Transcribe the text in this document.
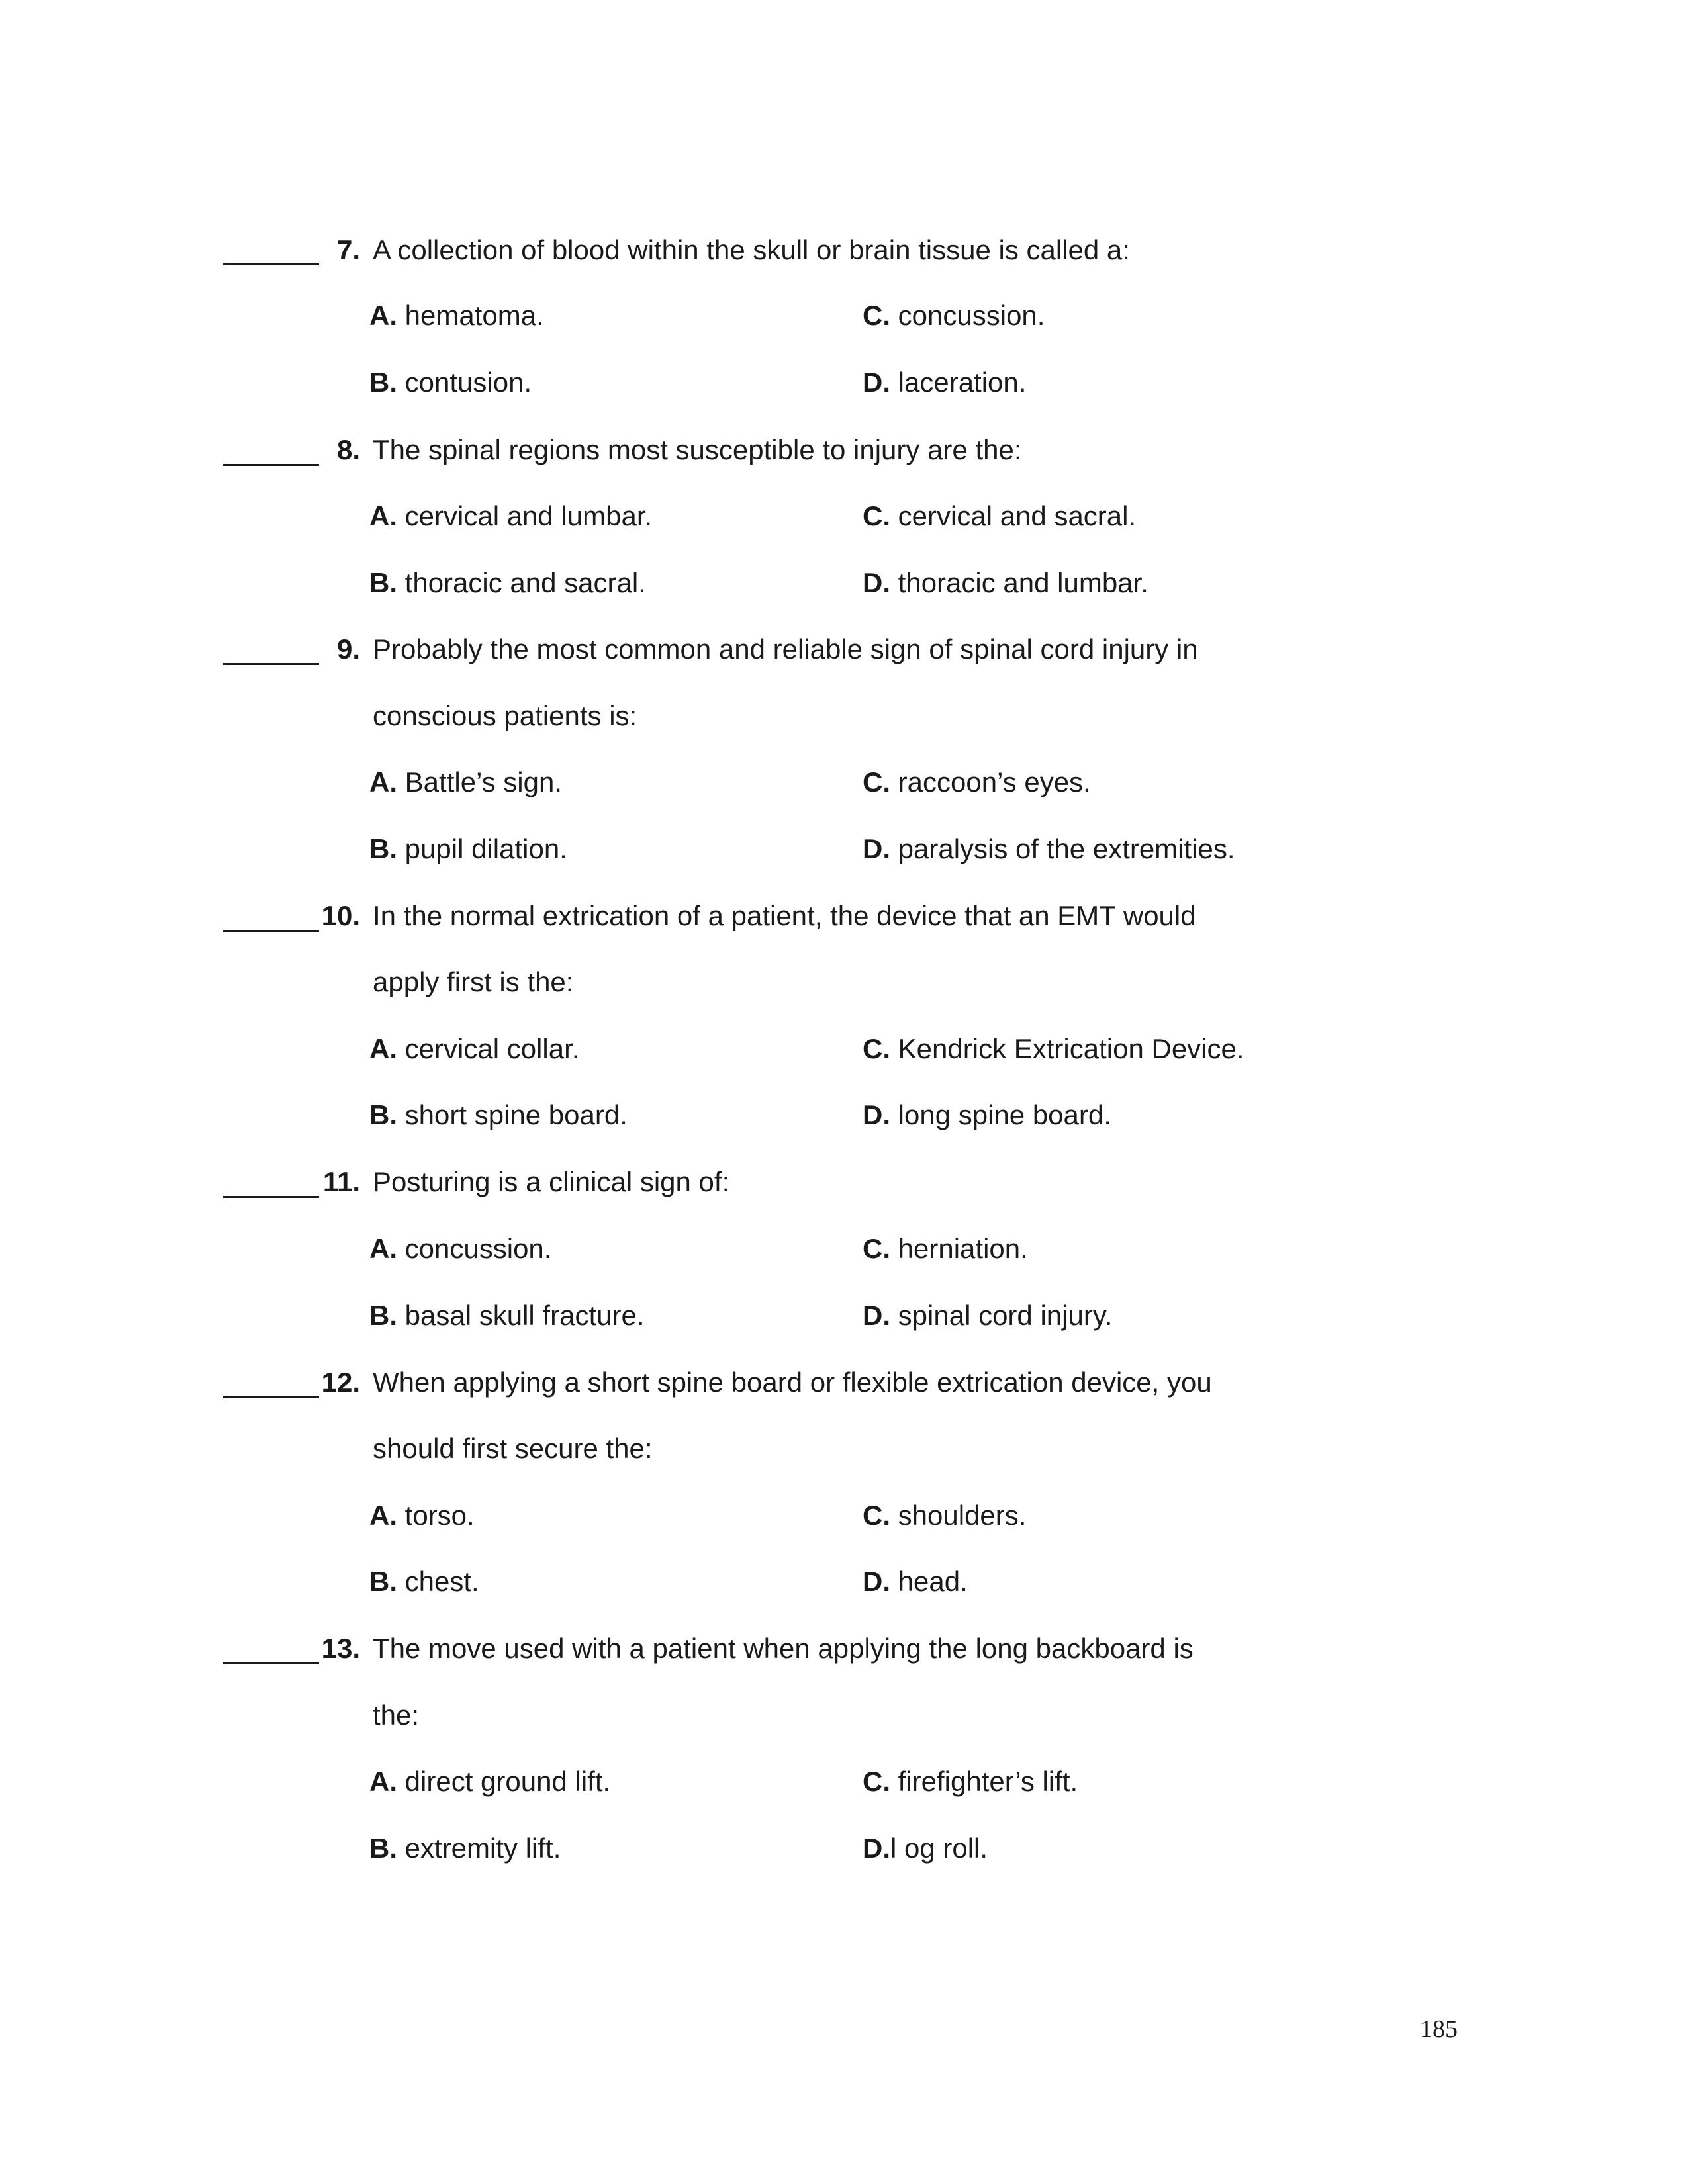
7. A collection of blood within the skull or brain tissue is called a:
A. hematoma.	C. concussion.
B. contusion.	D. laceration.
8. The spinal regions most susceptible to injury are the:
A. cervical and lumbar.	C. cervical and sacral.
B. thoracic and sacral.	D. thoracic and lumbar.
9. Probably the most common and reliable sign of spinal cord injury in
conscious patients is:
A. Battle’s sign.	C. raccoon’s eyes.
B. pupil dilation.	D. paralysis of the extremities.
10. In the normal extrication of a patient, the device that an EMT would
apply first is the:
A. cervical collar.	C. Kendrick Extrication Device.
B. short spine board.	D. long spine board.
11. Posturing is a clinical sign of:
A. concussion.	C. herniation.
B. basal skull fracture.	D. spinal cord injury.
12. When applying a short spine board or flexible extrication device, you
should first secure the:
A. torso.	C. shoulders.
B. chest.	D. head.
13. The move used with a patient when applying the long backboard is
the:
A. direct ground lift.	C. firefighter’s lift.
B. extremity lift.	D.l og roll.
185
